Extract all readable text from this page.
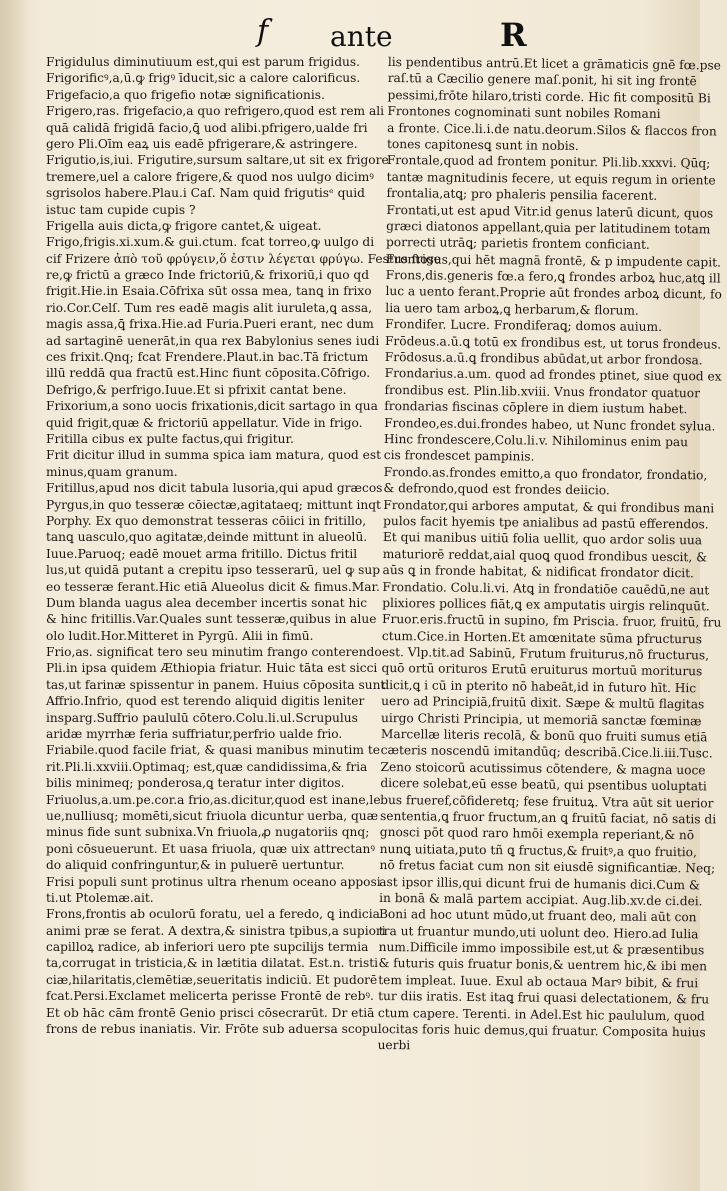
f ante	R
Frigidulus diminutiuum est,qui est parum frigidus.
Frigorificꝰ,a,ū.ꝙ frigꝰ īducit,sic a calore calorificus.
Frigefacio,a quo frigefio notæ significationis.
Frigero,ras. frigefacio,a quo refrigero,quod est rem ali
quā calidā frigidā facio,ꝗ̄ uod alibi.pfrigero,ualde fri
gero Pli.Oīm eaꝝ uis eadē pfrigerare,& astringere.
Frigutio,is,iui. Frigutire,sursum saltare,ut sit ex frigore
tremere,uel a calore frigere,& quod nos uulgo dicimꝰ
sgrisolos habere.Plau.i Caſ. Nam quid frigutisᵉ quid
istuc tam cupide cupis ?
Frigella auis dicta,ꝙ frigore cantet,& uigeat.
Frigo,frigis.xi.xum.& gui.ctum. fcat torreo,ꝙ uulgo di
cif Frizere ἀπὸ τοῦ φρύγειν,ὅ ἐστιν λέγεται φρύγω. Festus frige
re,ꝙ frictū a græco Inde frictoriū,& frixoriū,i quo qd
frigit.Hie.in Esaia.Cōfrixa sūt ossa mea, tanꝗ in frixo
rio.Cor.Celſ. Tum res eadē magis alit iuruleta,ꝗ assa,
magis assa,ꝗ̄ frixa.Hie.ad Furia.Pueri erant, nec dum
ad sartaginē uenerāt,in qua rex Babylonius senes iudi
ces frixit.Qnq; fcat Frendere.Plaut.in bac.Tā frictum
illū reddā qua fractū est.Hinc fiunt cōposita.Cōfrigo.
Defrigo,& perfrigo.Iuue.Et si pfrixit cantat bene.
Frixorium,a sono uocis frixationis,dicit sartago in qua
quid frigit,quæ & frictoriū appellatur. Vide in frigo.
Fritilla cibus ex pulte factus,qui frigitur.
Frit dicitur illud in summa spica iam matura, quod est
minus,quam granum.
Fritillus,apud nos dicit tabula lusoria,qui apud græcos
Pyrgus,in quo tesseræ cōiectæ,agitataeq; mittunt inqt
Porphy. Ex quo demonstrat tesseras cōiici in fritillo,
tanꝗ uasculo,quo agitatæ,deinde mittunt in alueolū.
Iuue.Paruoq; eadē mouet arma fritillo. Dictus fritil
lus,ut quidā putant a crepitu ipso tesserarū, uel ꝙ sup
eo tesseræ ferant.Hic etiā Alueolus dicit & fimus.Mar.
Dum blanda uagus alea december incertis sonat hic
& hinc fritillis.Var.Quales sunt tesseræ,quibus in alue
olo ludit.Hor.Mitteret in Pyrgū. Alii in fimū.
Frio,as. significat tero seu minutim frango conterendo
Pli.in ipsa quidem Æthiopia friatur. Huic tāta est sicci
tas,ut farinæ spissentur in panem. Huius cōposita sunt
Affrio.Infrio, quod est terendo aliquid digitis leniter
insparg.Suffrio paululū cōtero.Colu.li.ul.Scrupulus
aridæ myrrhæ feria suffriatur,perfrio ualde frio.
Friabile.quod facile friat, & quasi manibus minutim te
rit.Pli.li.xxviii.Optimaq; est,quæ candidissima,& fria
bilis minimeq; ponderosa,ꝗ teratur inter digitos.
Friuolus,a.um.pe.cor.a frio,as.dicitur,quod est inane,le
ue,nulliusq; momēti,sicut friuola dicuntur uerba, quæ
minus fide sunt subnixa.Vn friuola,ꝓ nugatoriis qnq;
poni cōsueuerunt. Et uasa friuola, quæ uix attrectanꝰ
do aliquid confringuntur,& in puluerē uertuntur.
Frisi populi sunt protinus ultra rhenum oceano apposi
ti.ut Ptolemæ.ait.
Frons,frontis ab oculorū foratu, uel a feredo, ꝗ indicia
animi præ se ferat. A dextra,& sinistra tpibus,a supiori
capilloꝝ radice, ab inferiori uero pte supcilijs termia
ta,corrugat in tristicia,& in lætitia dilatat. Est.n. tristi
ciæ,hilaritatis,clemētiæ,seueritatis indiciū. Et pudorē
fcat.Persi.Exclamet melicerta perisse Frontē de rebꝰ.
Et ob hāc cām frontē Genio prisci cōsecrarūt. Dr etiā
frons de rebus inaniatis. Vir. Frōte sub aduersa scopu
lis pendentibus antrū.Et licet a grāmaticis gnē fœ.pse
raſ.tū a Cæcilio genere maſ.ponit, hi sit ing frontē
pessimi,frōte hilaro,tristi corde. Hic fit compositū Bi
Frontones cognominati sunt nobiles Romani
a fronte. Cice.li.i.de natu.deorum.Silos & flaccos fron
tones capitonesꝗ sunt in nobis.
Frontale,quod ad frontem ponitur. Pli.lib.xxxvi. Qūq;
tantæ magnitudinis fecere, ut equis regum in oriente
frontalia,atꝗ; pro phaleris pensilia facerent.
Frontati,ut est apud Vitr.id genus laterū dicunt, quos
græci diatonos appellant,quia per latitudinem totam
porrecti utrāꝗ; parietis frontem conficiant.
Frontosus,qui hēt magnā frontē, & p impudente capit.
Frons,dis.generis fœ.a fero,ꝗ frondes arboꝝ huc,atꝗ ill
luc a uento ferant.Proprie aūt frondes arboꝝ dicunt, fo
lia uero tam arboꝝ,ꝗ herbarum,& florum.
Frondifer. Lucre. Frondiferaꝗ; domos auium.
Frōdeus.a.ū.ꝗ totū ex frondibus est, ut torus frondeus.
Frōdosus.a.ū.ꝗ frondibus abūdat,ut arbor frondosa.
Frondarius.a.um. quod ad frondes ptinet, siue quod ex
frondibus est. Plin.lib.xviii. Vnus frondator quatuor
frondarias fiscinas cōplere in diem iustum habet.
Frondeo,es.dui.frondes habeo, ut Nunc frondet sylua.
Hinc frondescere,Colu.li.v. Nihilominus enim pau
cis frondescet pampinis.
Frondo.as.frondes emitto,a quo frondator, frondatio,
& defrondo,quod est frondes deiicio.
Frondator,qui arbores amputat, & qui frondibus mani
pulos facit hyemis tpe anialibus ad pastū efferendos.
Et qui manibus uitiū folia uellit, quo ardor solis uua
maturiorē reddat,aial quoꝗ quod frondibus uescit, &
aūs ꝗ in fronde habitat, & nidificat frondator dicit.
Frondatio. Colu.li.vi. Atꝗ in frondatiōe cauēdū,ne aut
plixiores pollices fiāt,ꝗ ex amputatis uirgis relinquūt.
Fruor.eris.fructū in supino, fm Priscia. fruor, fruitū, fru
ctum.Cice.in Horten.Et amœnitate sūma pfructurus
est. Vlp.tit.ad Sabinū, Frutum fruiturus,nō fructurus,
quō ortū orituros Erutū eruiturus mortuū moriturus
dicit,ꝗ i cū in pterito nō habeāt,id in futuro hīt. Hic
uero ad Principiā,fruitū dixit. Sæpe & multū flagitas
uirgo Christi Principia, ut memoriā sanctæ fœminæ
Marcellæ literis recolā, & bonū quo fruiti sumus etiā
cæteris noscendū imitandūq; describā.Cice.li.iii.Tusc.
Zeno stoicorū acutissimus cōtendere, & magna uoce
dicere solebat,eū esse beatū, qui psentibus uoluptati
bus frueref,cōfideretq; fese fruituꝝ. Vtra aūt sit uerior
sententia,ꝗ fruor fructum,an ꝗ fruitū faciat, nō satis di
gnosci pōt quod raro hmōi exempla reperiant,& nō
nunꝗ uitiata,puto tñ ꝗ fructus,& fruitꝰ,a quo fruitio,
nō fretus faciat cum non sit eiusdē significantiæ. Neq;
ast ipsor illis,qui dicunt frui de humanis dici.Cum &
in bonā & malā partem accipiat. Aug.lib.xv.de ci.dei.
Boni ad hoc utunt mūdo,ut fruant deo, mali aūt con
tra ut fruantur mundo,uti uolunt deo. Hiero.ad Iulia
num.Difficile immo impossibile est,ut & præsentibus
& futuris quis fruatur bonis,& uentrem hic,& ibi men
tem impleat. Iuue. Exul ab octaua Marꝰ bibit, & frui
tur diis iratis. Est itaꝗ frui quasi delectationem, & fru
ctum capere. Terenti. in Adel.Est hic paululum, quod
locitas foris huic demus,qui fruatur. Composita huius
uerbi
